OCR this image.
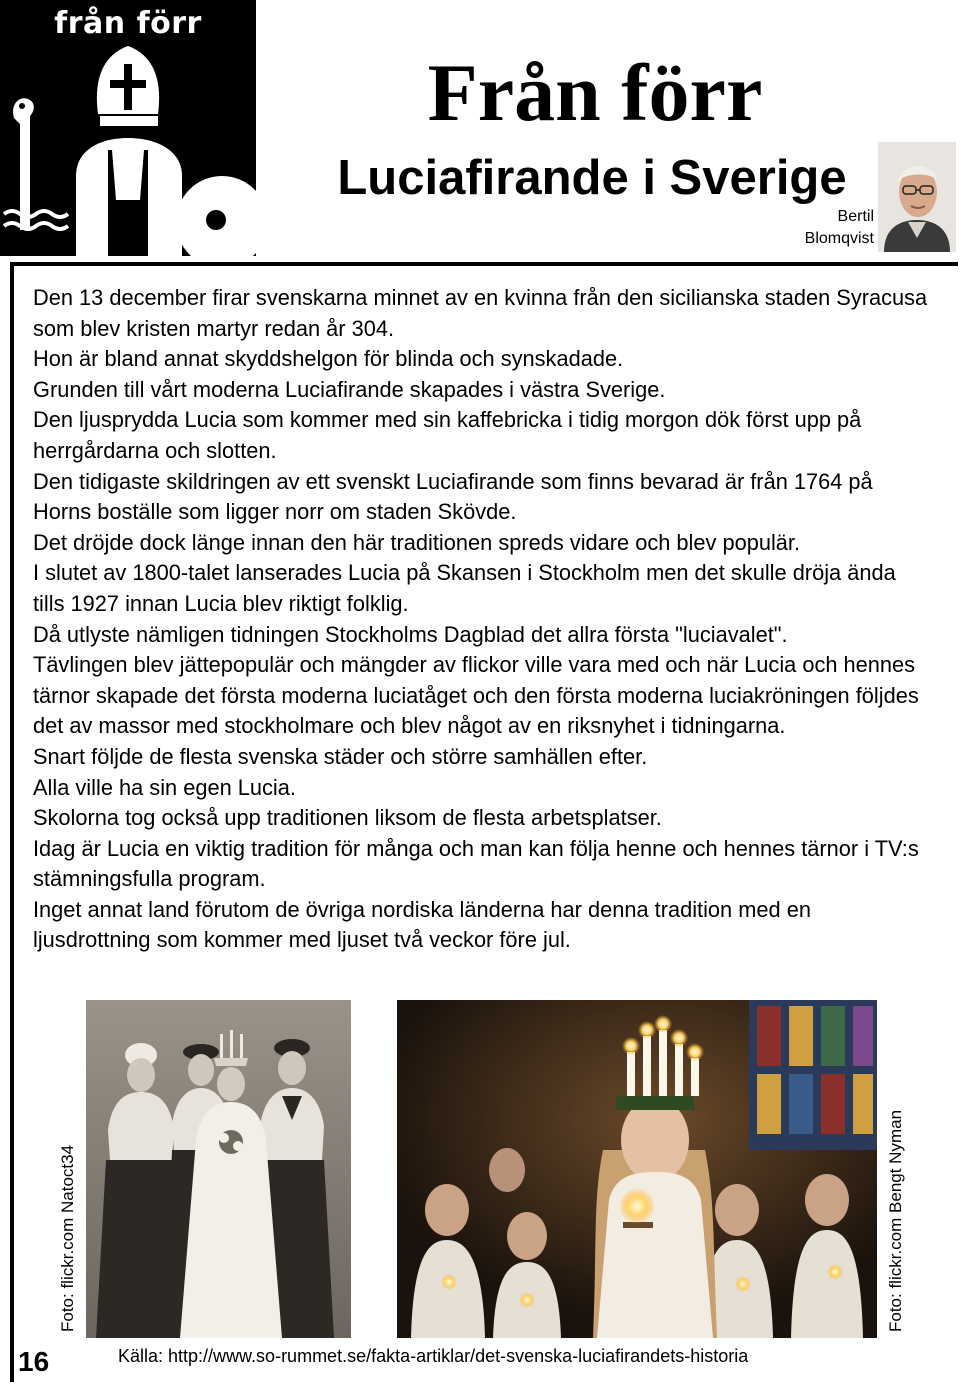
från förr
Från förr
Luciafirande i Sverige
Bertil
Blomqvist

Den 13 december firar svenskarna minnet av en kvinna från den sicilianska staden Syracusa som blev kristen martyr redan år 304.

Hon är bland annat skyddshelgon för blinda och synskadade.

Grunden till vårt moderna Luciafirande skapades i västra Sverige.

Den ljusprydda Lucia som kommer med sin kaffebricka i tidig morgon dök först upp på herrgårdarna och slotten.

Den tidigaste skildringen av ett svenskt Luciafirande som finns bevarad är från 1764 på Horns boställe som ligger norr om staden Skövde.

Det dröjde dock länge innan den här traditionen spreds vidare och blev populär.

I slutet av 1800-talet lanserades Lucia på Skansen i Stockholm men det skulle dröja ända tills 1927 innan Lucia blev riktigt folklig.

Då utlyste nämligen tidningen Stockholms Dagblad det allra första "luciavalet".

Tävlingen blev jättepopulär och mängder av flickor ville vara med och när Lucia och hennes tärnor skapade det första moderna luciatåget och den första moderna luciakröningen följdes det av massor med stockholmare och blev något av en riksnyhet i tidningarna.

Snart följde de flesta svenska städer och större samhällen efter.

Alla ville ha sin egen Lucia.

Skolorna tog också upp traditionen liksom de flesta arbetsplatser.

Idag är Lucia en viktig tradition för många och man kan följa henne och hennes tärnor i TV:s stämningsfulla program.

Inget annat land förutom de övriga nordiska länderna har denna tradition med en ljusdrottning som kommer med ljuset två veckor före jul.

Foto: flickr.com Natoct34	Foto: flickr.com Bengt Nyman
16	Källa: http://www.so-rummet.se/fakta-artiklar/det-svenska-luciafirandets-historia
